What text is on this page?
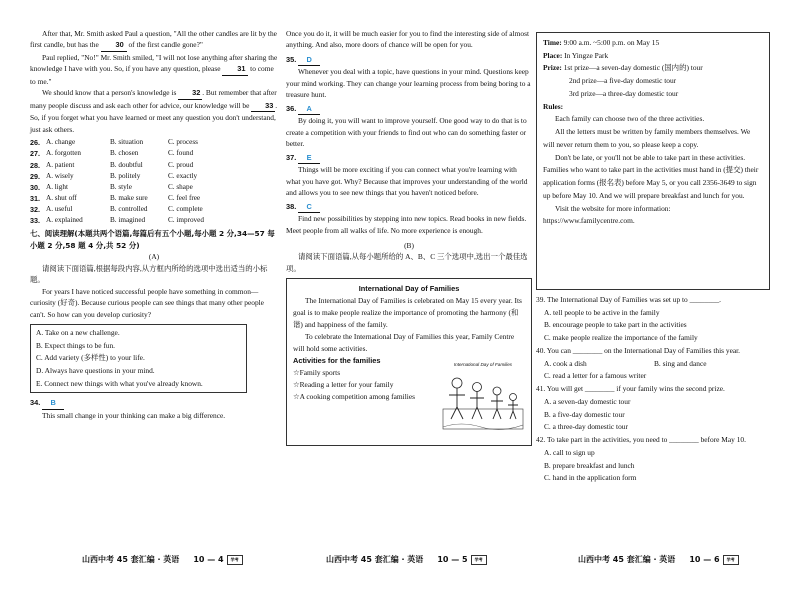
After that, Mr. Smith asked Paul a question, "All the other candles are lit by the first candle, but has the 30 of the first candle gone?"

Paul replied, "No!" Mr. Smith smiled, "I will not lose anything after sharing the knowledge I have with you. So, if you have any question, please 31 to come to me."

We should know that a person's knowledge is 32 . But remember that after many people discuss and ask each other for advice, our knowledge will be 33 . So, if you forget what you have learned or meet any question you don't understand, just ask others.

26. A. change	B. situation	C. process
27. A. forgotten	B. chosen	C. found
28. A. patient	B. doubtful	C. proud
29. A. wisely	B. politely	C. exactly
30. A. light	B. style	C. shape
31. A. shut off	B. make sure	C. feel free
32. A. useful	B. controlled	C. complete
33. A. explained	B. imagined	C. improved

七、阅读理解(本题共两个语篇,每篇后有五个小题,每小题 2 分,34—57 每小题 2 分,58 题 4 分,共 52 分)

(A)

请阅读下面语篇,根据每段内容,从方框内所给的选项中选出适当的小标题。

For years I have noticed successful people have something in common—curiosity (好奇). Because curious people can see things that many other people can't. So how can you develop curiosity?

A. Take on a new challenge.

B. Expect things to be fun.

C. Add variety (多样性) to your life.

D. Always have questions in your mind.

E. Connect new things with what you've already known.

34. B

This small change in your thinking can make a big difference.

山西中考 45 套汇编 · 英语 10 — 4 学考

Once you do it, it will be much easier for you to find the interesting side of almost anything. And also, more doors of chance will be open for you.

35. D

Whenever you deal with a topic, have questions in your mind. Questions keep your mind working. They can change your learning process from being boring to a treasure hunt.

36. A

By doing it, you will want to improve yourself. One good way to do that is to create a competition with your friends to find out who can do something faster or better.

37. E

Things will be more exciting if you can connect what you're learning with what you have got. Why? Because that improves your understanding of the world and allows you to see new things that you haven't noticed before.

38. C

Find new possibilities by stepping into new topics. Read books in new fields. Meet people from all walks of life. No more experience is enough.

(B)

请阅读下面语篇,从每小题所给的 A、B、C 三个选项中,选出一个最佳选项。

International Day of Families

The International Day of Families is celebrated on May 15 every year. Its goal is to make people realize the importance of promoting the harmony (和谐) and happiness of the family.

To celebrate the International Day of Families this year, Family Centre will hold some activities.

Activities for the families

☆Family sports

☆Reading a letter for your family

☆A cooking competition among families

International Day of Families
山西中考 45 套汇编 · 英语 10 — 5 学考

Time: 9:00 a.m. ~5:00 p.m. on May 15

Place: In Yingze Park

Prize: 1st prize—a seven-day domestic (国内的) tour

2nd prize—a five-day domestic tour

3rd prize—a three-day domestic tour

Rules:

Each family can choose two of the three activities.

All the letters must be written by family members themselves. We will never return them to you, so please keep a copy.

Don't be late, or you'll not be able to take part in these activities. Families who want to take part in the activities must hand in (提交) their application forms (报名表) before May 5, or you call 2356-3649 to sign up before May 10. And we will prepare breakfast and lunch for you.

Visit the website for more information: https://www.familycentre.com.

39. The International Day of Families was set up to ________.

A. tell people to be active in the family

B. encourage people to take part in the activities

C. make people realize the importance of the family

40. You can ________ on the International Day of Families this year.

A. cook a dish	B. sing and dance

C. read a letter for a famous writer

41. You will get ________ if your family wins the second prize.

A. a seven-day domestic tour

B. a five-day domestic tour

C. a three-day domestic tour

42. To take part in the activities, you need to ________ before May 10.

A. call to sign up

B. prepare breakfast and lunch

C. hand in the application form

山西中考 45 套汇编 · 英语 10 — 6 学考
